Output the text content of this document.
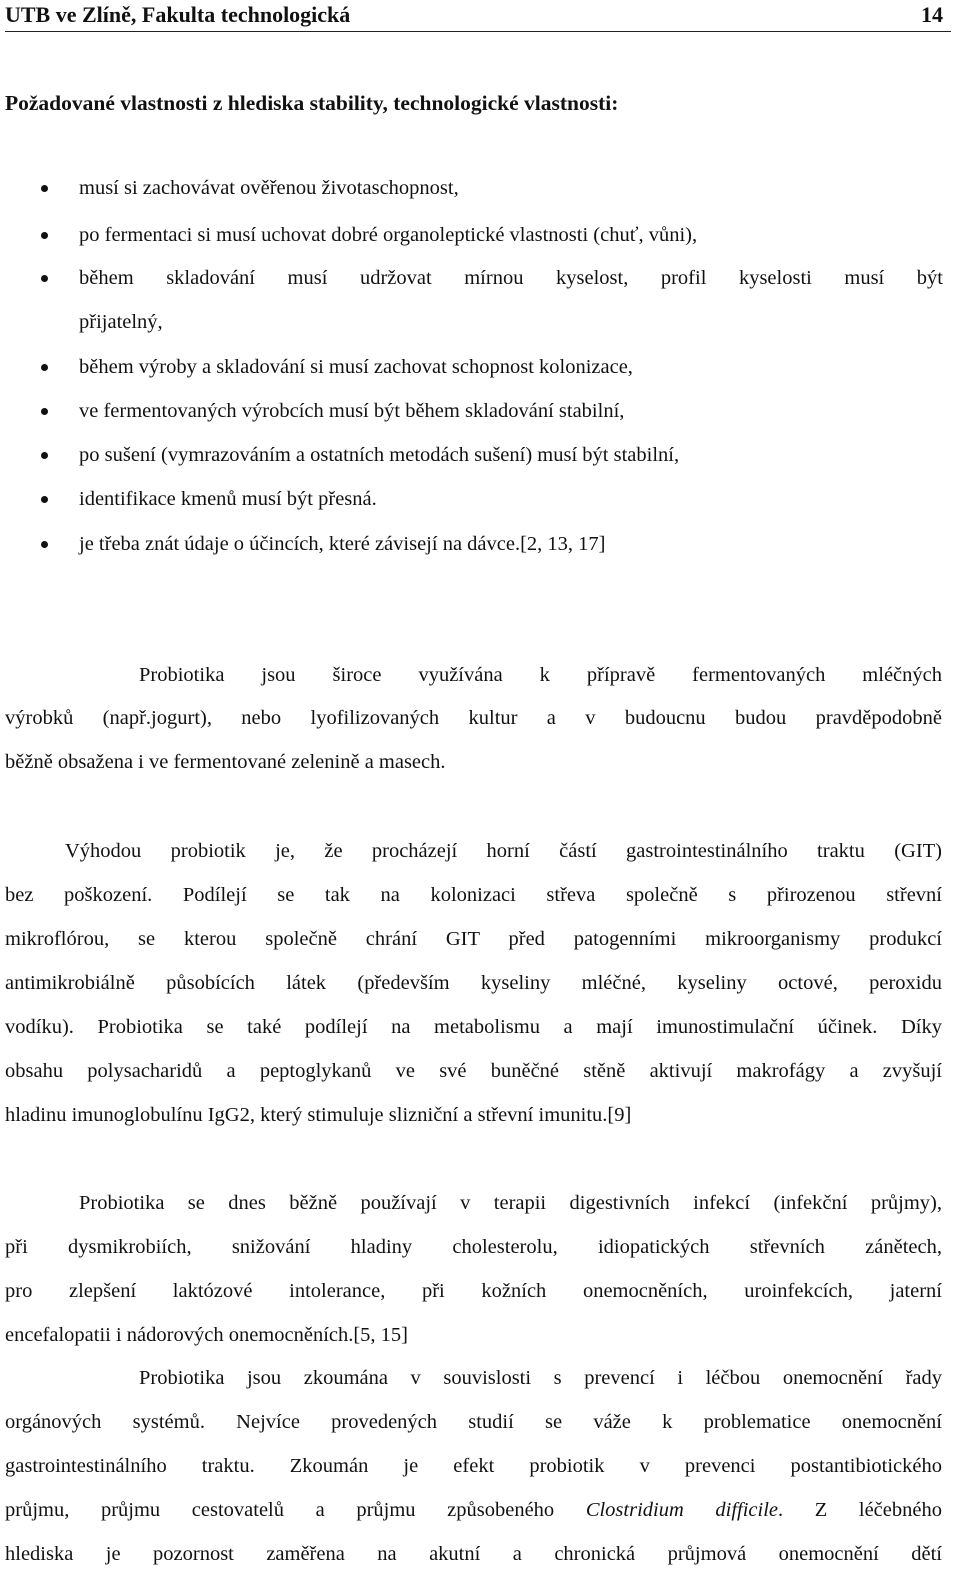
UTB ve Zlíně, Fakulta technologická	14
Požadované vlastnosti z hlediska stability, technologické vlastnosti:
musí si zachovávat ověřenou životaschopnost,
po fermentaci si musí uchovat dobré organoleptické vlastnosti (chuť, vůni),
během skladování musí udržovat mírnou kyselost, profil kyselosti musí být
přijatelný,
během výroby a skladování si musí zachovat schopnost kolonizace,
ve fermentovaných výrobcích musí být během skladování stabilní,
po sušení (vymrazováním a ostatních metodách sušení) musí být stabilní,
identifikace kmenů musí být přesná.
je třeba znát údaje o účincích, které závisejí na dávce.[2, 13, 17]
Probiotika jsou široce využívána k přípravě fermentovaných mléčných
výrobků (např.jogurt), nebo lyofilizovaných kultur a v budoucnu budou pravděpodobně
běžně obsažena i ve fermentované zelenině a masech.
Výhodou probiotik je, že procházejí horní částí gastrointestinálního traktu (GIT)
bez poškození. Podílejí se tak na kolonizaci střeva společně s přirozenou střevní
mikroflórou, se kterou společně chrání GIT před patogenními mikroorganismy produkcí
antimikrobiálně působících látek (především kyseliny mléčné, kyseliny octové, peroxidu
vodíku). Probiotika se také podílejí na metabolismu a mají imunostimulační účinek. Díky
obsahu polysacharidů a peptoglykanů ve své buněčné stěně aktivují makrofágy a zvyšují
hladinu imunoglobulínu IgG2, který stimuluje slizniční a střevní imunitu.[9]
Probiotika se dnes běžně používají v terapii digestivních infekcí (infekční průjmy),
při dysmikrobiích, snižování hladiny cholesterolu, idiopatických střevních zánětech,
pro zlepšení laktózové intolerance, při kožních onemocněních, uroinfekcích, jaterní
encefalopatii i nádorových onemocněních.[5, 15]
Probiotika jsou zkoumána v souvislosti s prevencí i léčbou onemocnění řady
orgánových systémů. Nejvíce provedených studií se váže k problematice onemocnění
gastrointestinálního traktu. Zkoumán je efekt probiotik v prevenci postantibiotického
průjmu, průjmu cestovatelů a průjmu způsobeného Clostridium difficile. Z léčebného
hlediska je pozornost zaměřena na akutní a chronická průjmová onemocnění dětí
